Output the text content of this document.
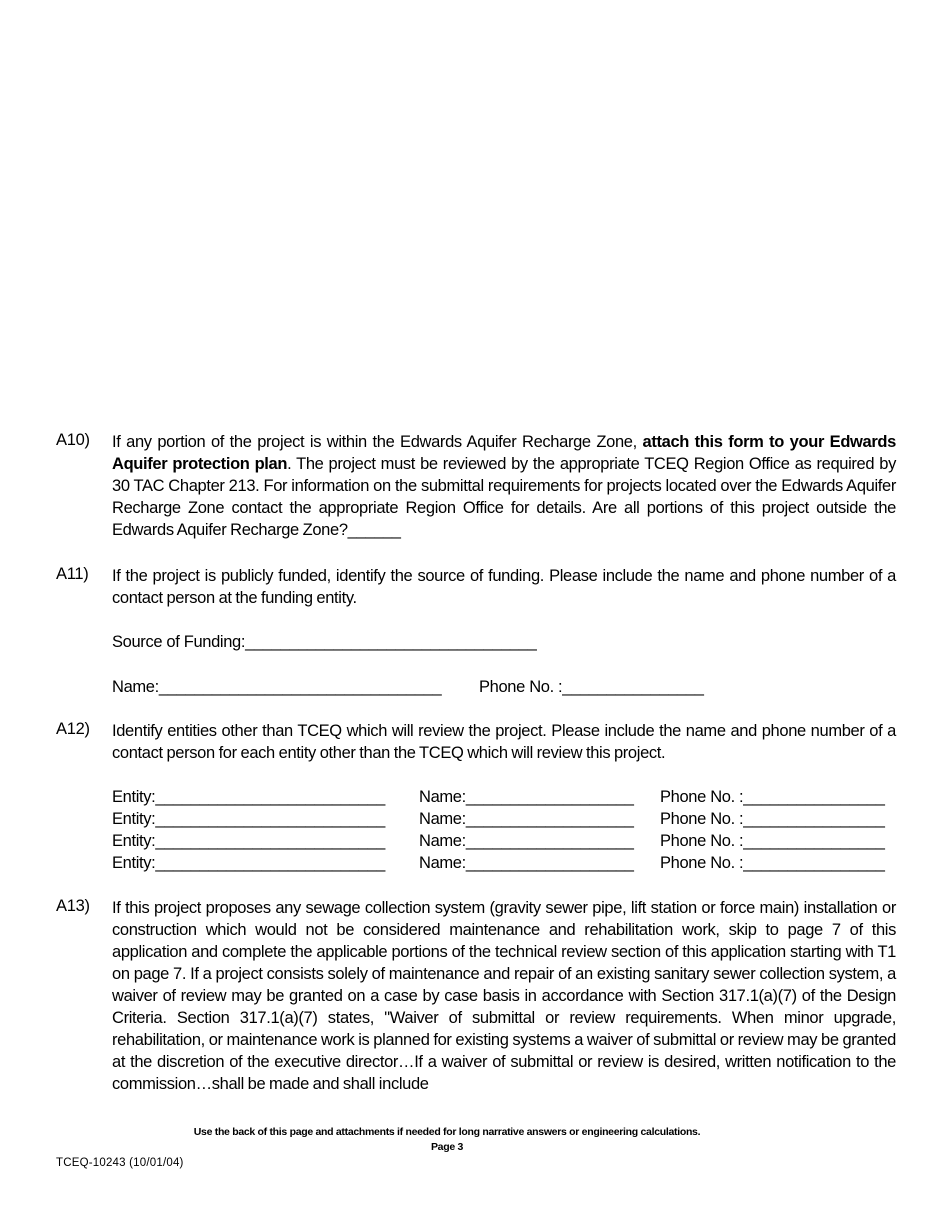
A10) If any portion of the project is within the Edwards Aquifer Recharge Zone, attach this form to your Edwards Aquifer protection plan. The project must be reviewed by the appropriate TCEQ Region Office as required by 30 TAC Chapter 213. For information on the submittal requirements for projects located over the Edwards Aquifer Recharge Zone contact the appropriate Region Office for details. Are all portions of this project outside the Edwards Aquifer Recharge Zone?______
A11) If the project is publicly funded, identify the source of funding. Please include the name and phone number of a contact person at the funding entity.
Source of Funding:_________________________________
Name:________________________________ Phone No. :________________
A12) Identify entities other than TCEQ which will review the project. Please include the name and phone number of a contact person for each entity other than the TCEQ which will review this project.
Entity:__________________________ Name:___________________ Phone No. :________________
Entity:__________________________ Name:___________________ Phone No. :________________
Entity:__________________________ Name:___________________ Phone No. :________________
Entity:__________________________ Name:___________________ Phone No. :________________
A13) If this project proposes any sewage collection system (gravity sewer pipe, lift station or force main) installation or construction which would not be considered maintenance and rehabilitation work, skip to page 7 of this application and complete the applicable portions of the technical review section of this application starting with T1 on page 7. If a project consists solely of maintenance and repair of an existing sanitary sewer collection system, a waiver of review may be granted on a case by case basis in accordance with Section 317.1(a)(7) of the Design Criteria. Section 317.1(a)(7) states, "Waiver of submittal or review requirements. When minor upgrade, rehabilitation, or maintenance work is planned for existing systems a waiver of submittal or review may be granted at the discretion of the executive director…If a waiver of submittal or review is desired, written notification to the commission…shall be made and shall include
Use the back of this page and attachments if needed for long narrative answers or engineering calculations.
Page 3
TCEQ-10243 (10/01/04)
